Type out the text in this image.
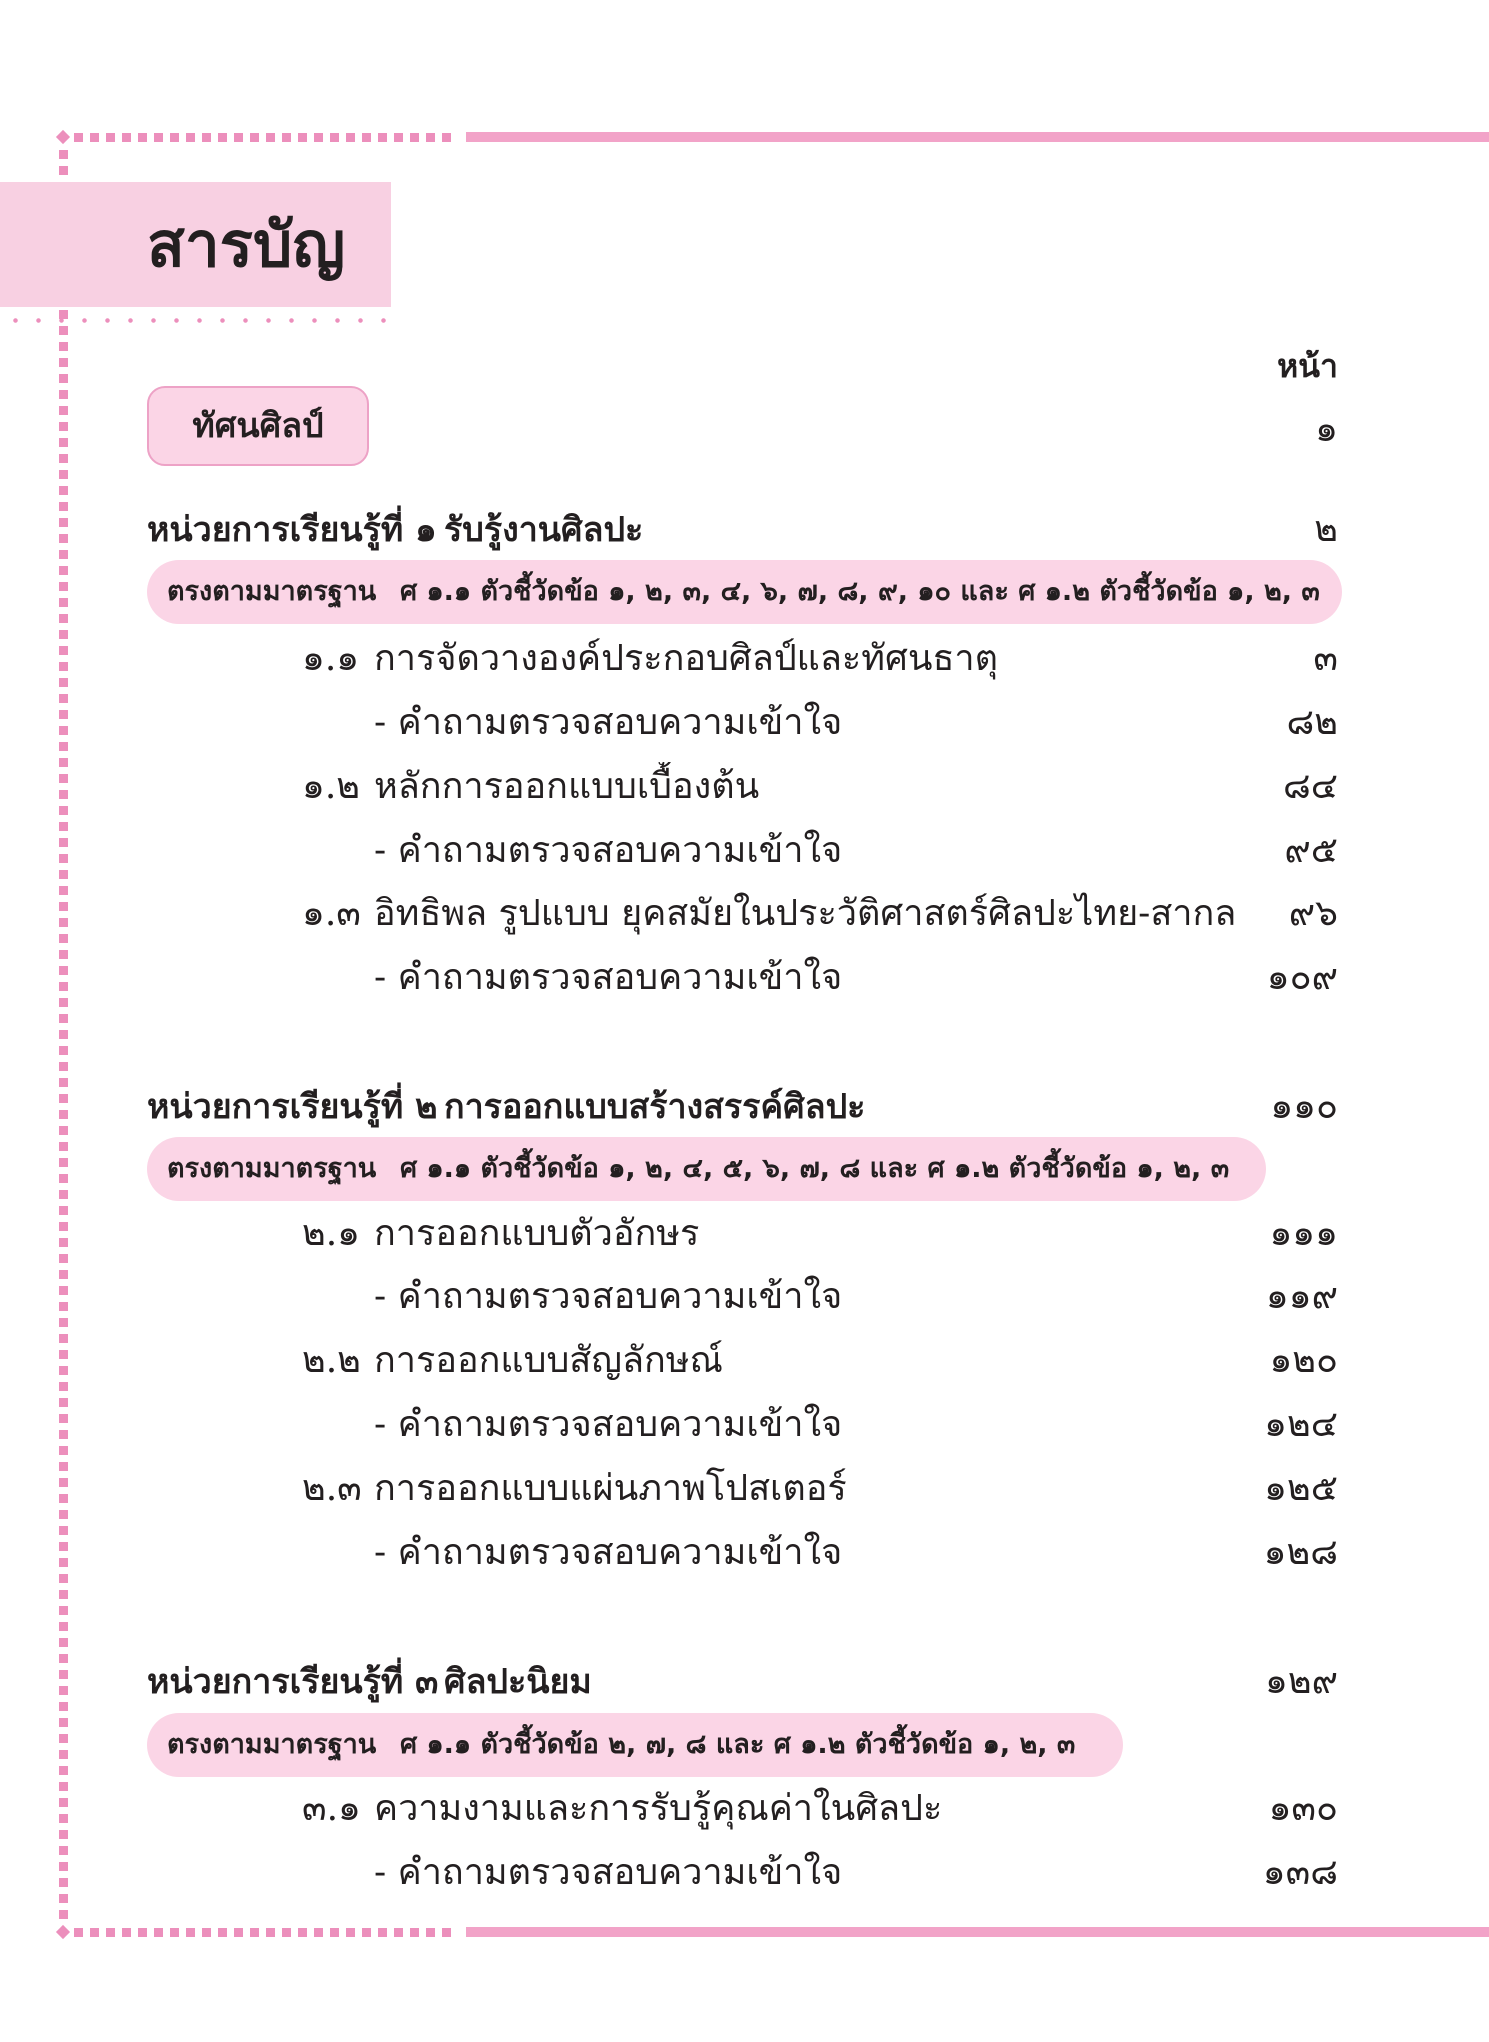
สารบัญ
หน้า
ทัศนศิลป์	๑
หน่วยการเรียนรู้ที่ ๑ รับรู้งานศิลปะ	๒
ตรงตามมาตรฐาน ศ ๑.๑ ตัวชี้วัดข้อ ๑, ๒, ๓, ๔, ๖, ๗, ๘, ๙, ๑๐ และ ศ ๑.๒ ตัวชี้วัดข้อ ๑, ๒, ๓
๑.๑ การจัดวางองค์ประกอบศิลป์และทัศนธาตุ	๓
- คำถามตรวจสอบความเข้าใจ	๘๒
๑.๒ หลักการออกแบบเบื้องต้น	๘๔
- คำถามตรวจสอบความเข้าใจ	๙๕
๑.๓ อิทธิพล รูปแบบ ยุคสมัยในประวัติศาสตร์ศิลปะไทย-สากล ๙๖
- คำถามตรวจสอบความเข้าใจ	๑๐๙
หน่วยการเรียนรู้ที่ ๒ การออกแบบสร้างสรรค์ศิลปะ	๑๑๐
ตรงตามมาตรฐาน ศ ๑.๑ ตัวชี้วัดข้อ ๑, ๒, ๔, ๕, ๖, ๗, ๘ และ ศ ๑.๒ ตัวชี้วัดข้อ ๑, ๒, ๓
๒.๑ การออกแบบตัวอักษร	๑๑๑
- คำถามตรวจสอบความเข้าใจ	๑๑๙
๒.๒ การออกแบบสัญลักษณ์	๑๒๐
- คำถามตรวจสอบความเข้าใจ	๑๒๔
๒.๓ การออกแบบแผ่นภาพโปสเตอร์	๑๒๕
- คำถามตรวจสอบความเข้าใจ	๑๒๘
หน่วยการเรียนรู้ที่ ๓ ศิลปะนิยม	๑๒๙
ตรงตามมาตรฐาน ศ ๑.๑ ตัวชี้วัดข้อ ๒, ๗, ๘ และ ศ ๑.๒ ตัวชี้วัดข้อ ๑, ๒, ๓
๓.๑ ความงามและการรับรู้คุณค่าในศิลปะ	๑๓๐
- คำถามตรวจสอบความเข้าใจ	๑๓๘
